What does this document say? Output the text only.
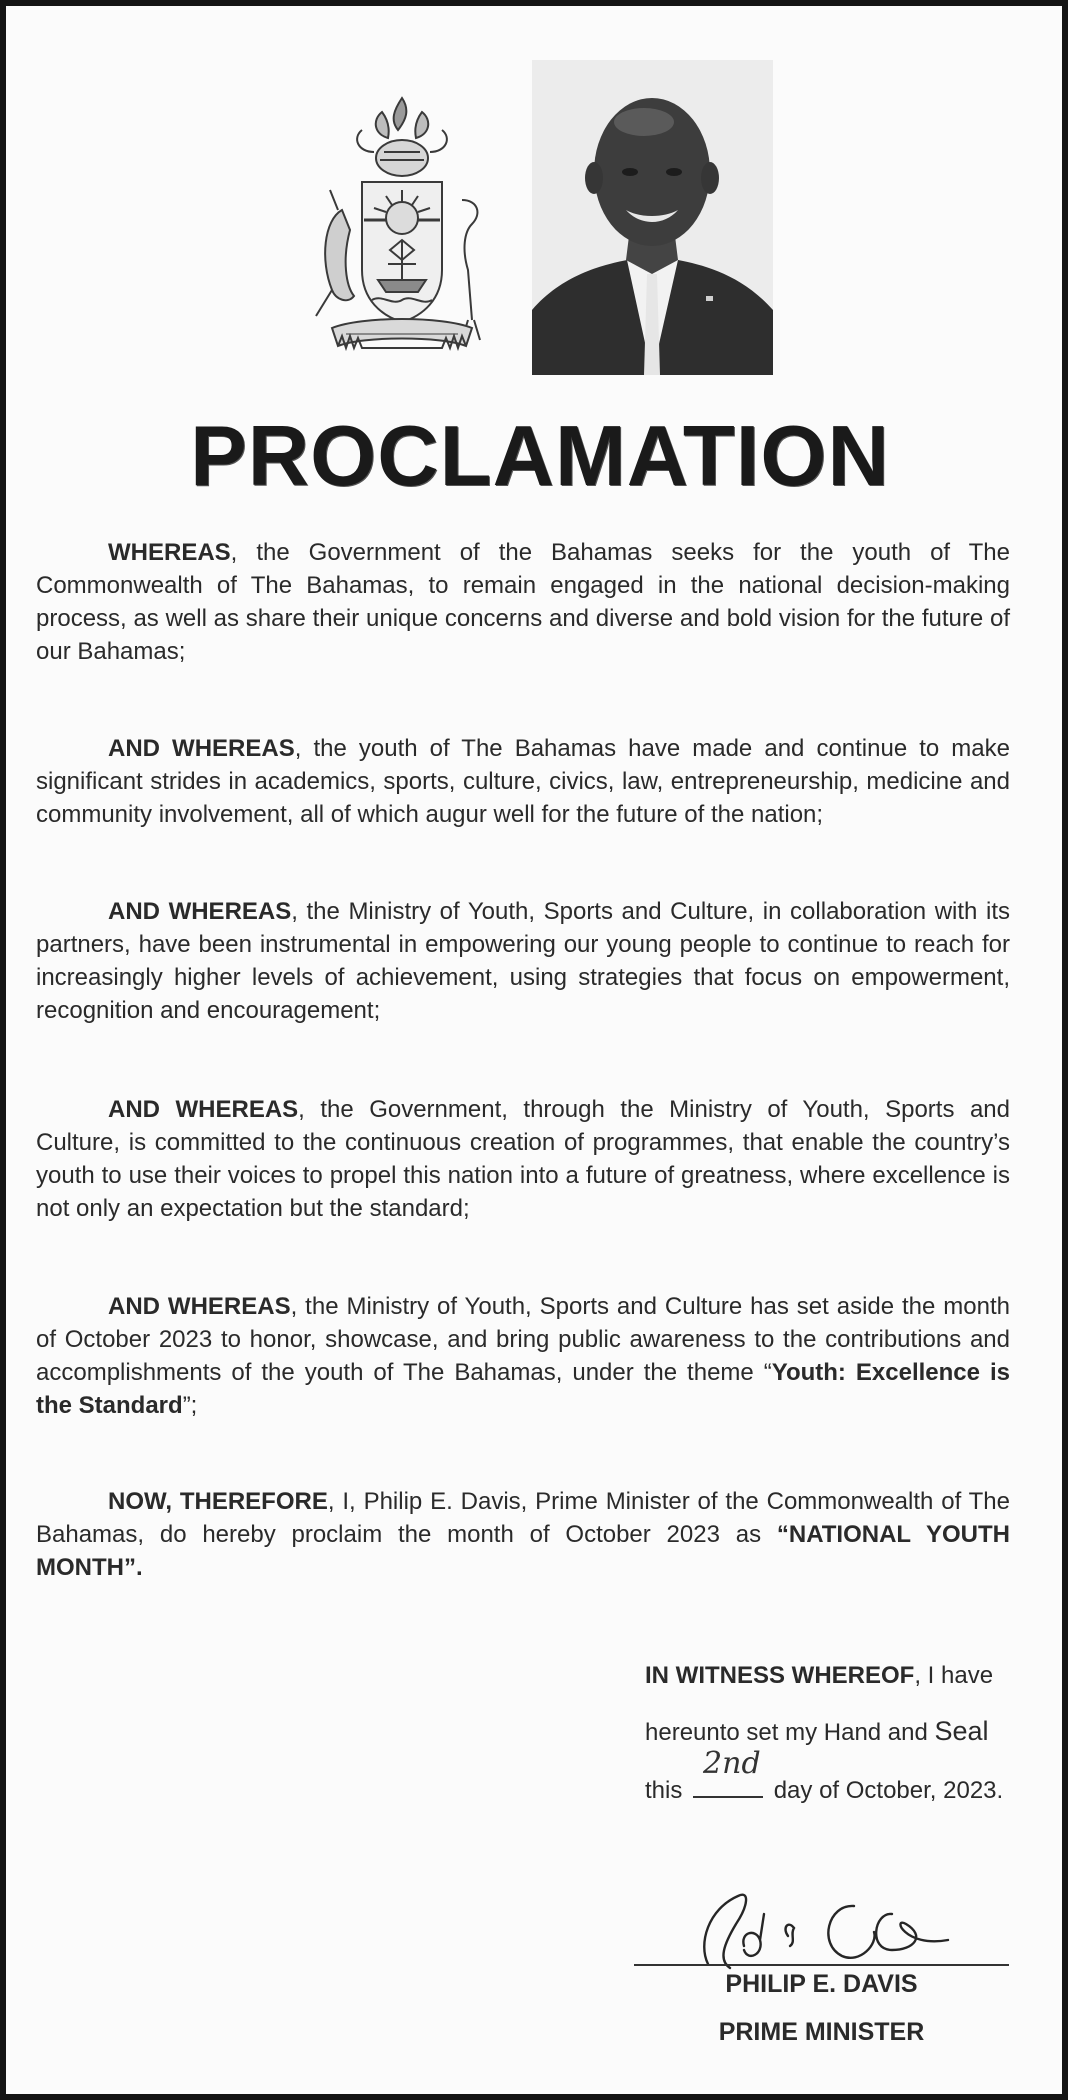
PROCLAMATION
WHEREAS, the Government of the Bahamas seeks for the youth of The Commonwealth of The Bahamas, to remain engaged in the national decision-making process, as well as share their unique concerns and diverse and bold vision for the future of our Bahamas;
AND WHEREAS, the youth of The Bahamas have made and continue to make significant strides in academics, sports, culture, civics, law, entrepreneurship, medicine and community involvement, all of which augur well for the future of the nation;
AND WHEREAS, the Ministry of Youth, Sports and Culture, in collaboration with its partners, have been instrumental in empowering our young people to continue to reach for increasingly higher levels of achievement, using strategies that focus on empowerment, recognition and encouragement;
AND WHEREAS, the Government, through the Ministry of Youth, Sports and Culture, is committed to the continuous creation of programmes, that enable the country’s youth to use their voices to propel this nation into a future of greatness, where excellence is not only an expectation but the standard;
AND WHEREAS, the Ministry of Youth, Sports and Culture has set aside the month of October 2023 to honor, showcase, and bring public awareness to the contributions and accomplishments of the youth of The Bahamas, under the theme “Youth: Excellence is the Standard”;
NOW, THEREFORE, I, Philip E. Davis, Prime Minister of the Commonwealth of The Bahamas, do hereby proclaim the month of October 2023 as “NATIONAL YOUTH MONTH”.
IN WITNESS WHEREOF, I have
hereunto set my Hand and Seal
this
2nd
day of October, 2023.
PHILIP E. DAVIS
PRIME MINISTER
